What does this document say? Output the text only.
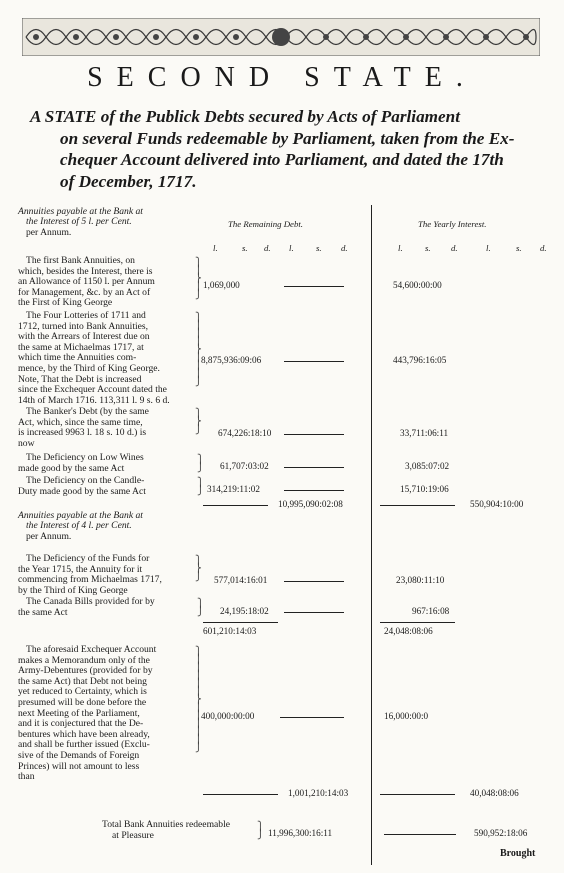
SECOND STATE.
A STATE of the Publick Debts secured by Acts of Parliament
on several Funds redeemable by Parliament, taken from the Ex-
chequer Account delivered into Parliament, and dated the 17th
of December, 1717.
The Remaining Debt.	The Yearly Interest.
l.	s. d. l.	s. d.	l.	s. d.	l.	s. d.
Annuities payable at the Bank at
the Interest of 5 l. per Cent.
per Annum.
The first Bank Annuities, on
which, besides the Interest, there is
an Allowance of 1150 l. per Annum
for Management, &c. by an Act of
the First of King George
⎫
⎪
⎬
⎪
⎭
1,069,000	54,600:00:00
The Four Lotteries of 1711 and
1712, turned into Bank Annuities,
with the Arrears of Interest due on
the same at Michaelmas 1717, at
which time the Annuities com-
mence, by the Third of King George.
Note, That the Debt is increased
since the Exchequer Account dated the
14th of March 1716. 113,311 l. 9 s. 6 d.
⎫
⎪
⎪
⎪
⎬
⎪
⎪
⎪
⎭
8,875,936:09:06	443,796:16:05
The Banker's Debt (by the same
Act, which, since the same time,
is increased 9963 l. 18 s. 10 d.) is
now
⎫
⎬
⎭ 674,226:18:10	33,711:06:11
The Deficiency on Low Wines
made good by the same Act
⎫
⎭ 61,707:03:02	3,085:07:02
The Deficiency on the Candle-
Duty made good by the same Act
⎫
⎭ 314,219:11:02	15,710:19:06
10,995,090:02:08	550,904:10:00
Annuities payable at the Bank at
the Interest of 4 l. per Cent.
per Annum.
The Deficiency of the Funds for
the Year 1715, the Annuity for it
commencing from Michaelmas 1717,
by the Third of King George
⎫
⎬
⎭ 577,014:16:01	23,080:11:10
The Canada Bills provided for by
the same Act
⎫
⎭ 24,195:18:02	967:16:08
601,210:14:03	24,048:08:06
The aforesaid Exchequer Account
makes a Memorandum only of the
Army-Debentures (provided for by
the same Act) that Debt not being
yet reduced to Certainty, which is
presumed will be done before the
next Meeting of the Parliament,
and it is conjectured that the De-
bentures which have been already,
and shall be further issued (Exclu-
sive of the Demands of Foreign
Princes) will not amount to less
than
⎫
⎪
⎪
⎪
⎪
⎪
⎬
⎪
⎪
⎪
⎪
⎪
⎭
400,000:00:00	16,000:00:0
1,001,210:14:03	40,048:08:06
Total Bank Annuities redeemable
at Pleasure
⎫
⎭ 11,996,300:16:11	590,952:18:06
Brought
